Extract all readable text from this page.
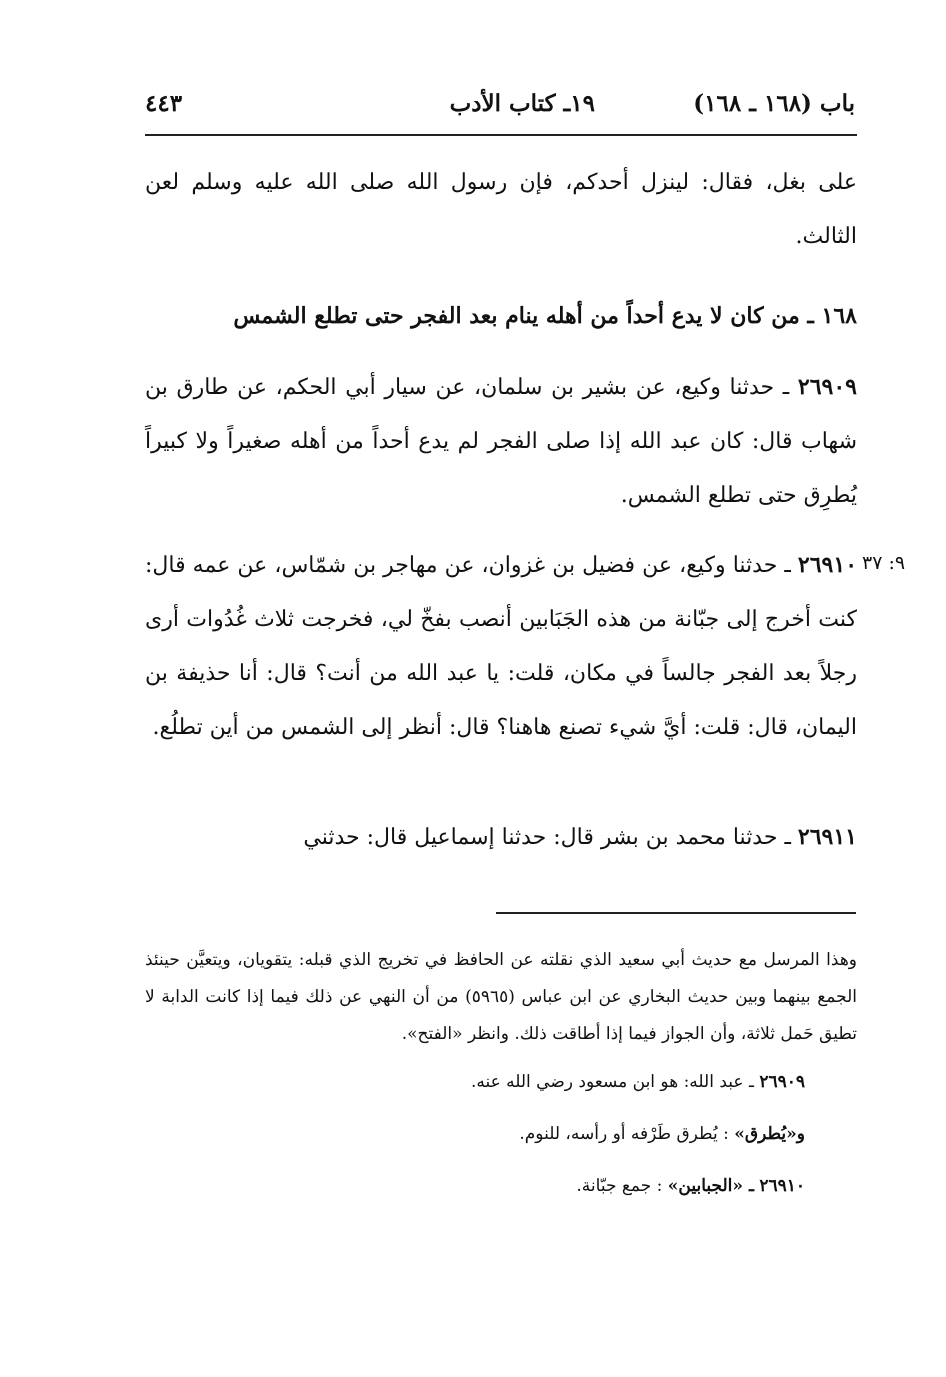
باب (١٦٨ ـ ١٦٨)
١٩ـ كتاب الأدب
٤٤٣

على بغل، فقال: لينزل أحدكم، فإن رسول الله صلى الله عليه وسلم لعن الثالث.

١٦٨ ـ من كان لا يدع أحداً من أهله ينام بعد الفجر حتى تطلع الشمس

٢٦٩٠٩ ـ حدثنا وكيع، عن بشير بن سلمان، عن سيار أبي الحكم، عن طارق بن شهاب قال: كان عبد الله إذا صلى الفجر لم يدع أحداً من أهله صغيراً ولا كبيراً يُطرِق حتى تطلع الشمس.

٩: ٣٧

٢٦٩١٠ ـ حدثنا وكيع، عن فضيل بن غزوان، عن مهاجر بن شمّاس، عن عمه قال: كنت أخرج إلى جبّانة من هذه الجَبَابين أنصب بفخّ لي، فخرجت ثلاث غُدُوات أرى رجلاً بعد الفجر جالساً في مكان، قلت: يا عبد الله من أنت؟ قال: أنا حذيفة بن اليمان، قال: قلت: أيَّ شيء تصنع هاهنا؟ قال: أنظر إلى الشمس من أين تطلُع.

٢٦٩١١ ـ حدثنا محمد بن بشر قال: حدثنا إسماعيل قال: حدثني

وهذا المرسل مع حديث أبي سعيد الذي نقلته عن الحافظ في تخريج الذي قبله: يتقويان، ويتعيَّن حينئذ الجمع بينهما وبين حديث البخاري عن ابن عباس (٥٩٦٥) من أن النهي عن ذلك فيما إذا كانت الدابة لا تطيق حَمل ثلاثة، وأن الجواز فيما إذا أطاقت ذلك. وانظر «الفتح».

٢٦٩٠٩ ـ عبد الله: هو ابن مسعود رضي الله عنه.

و«يُطرق» : يُطرق طَرْفه أو رأسه، للنوم.

٢٦٩١٠ ـ «الجبابين» : جمع جبّانة.
